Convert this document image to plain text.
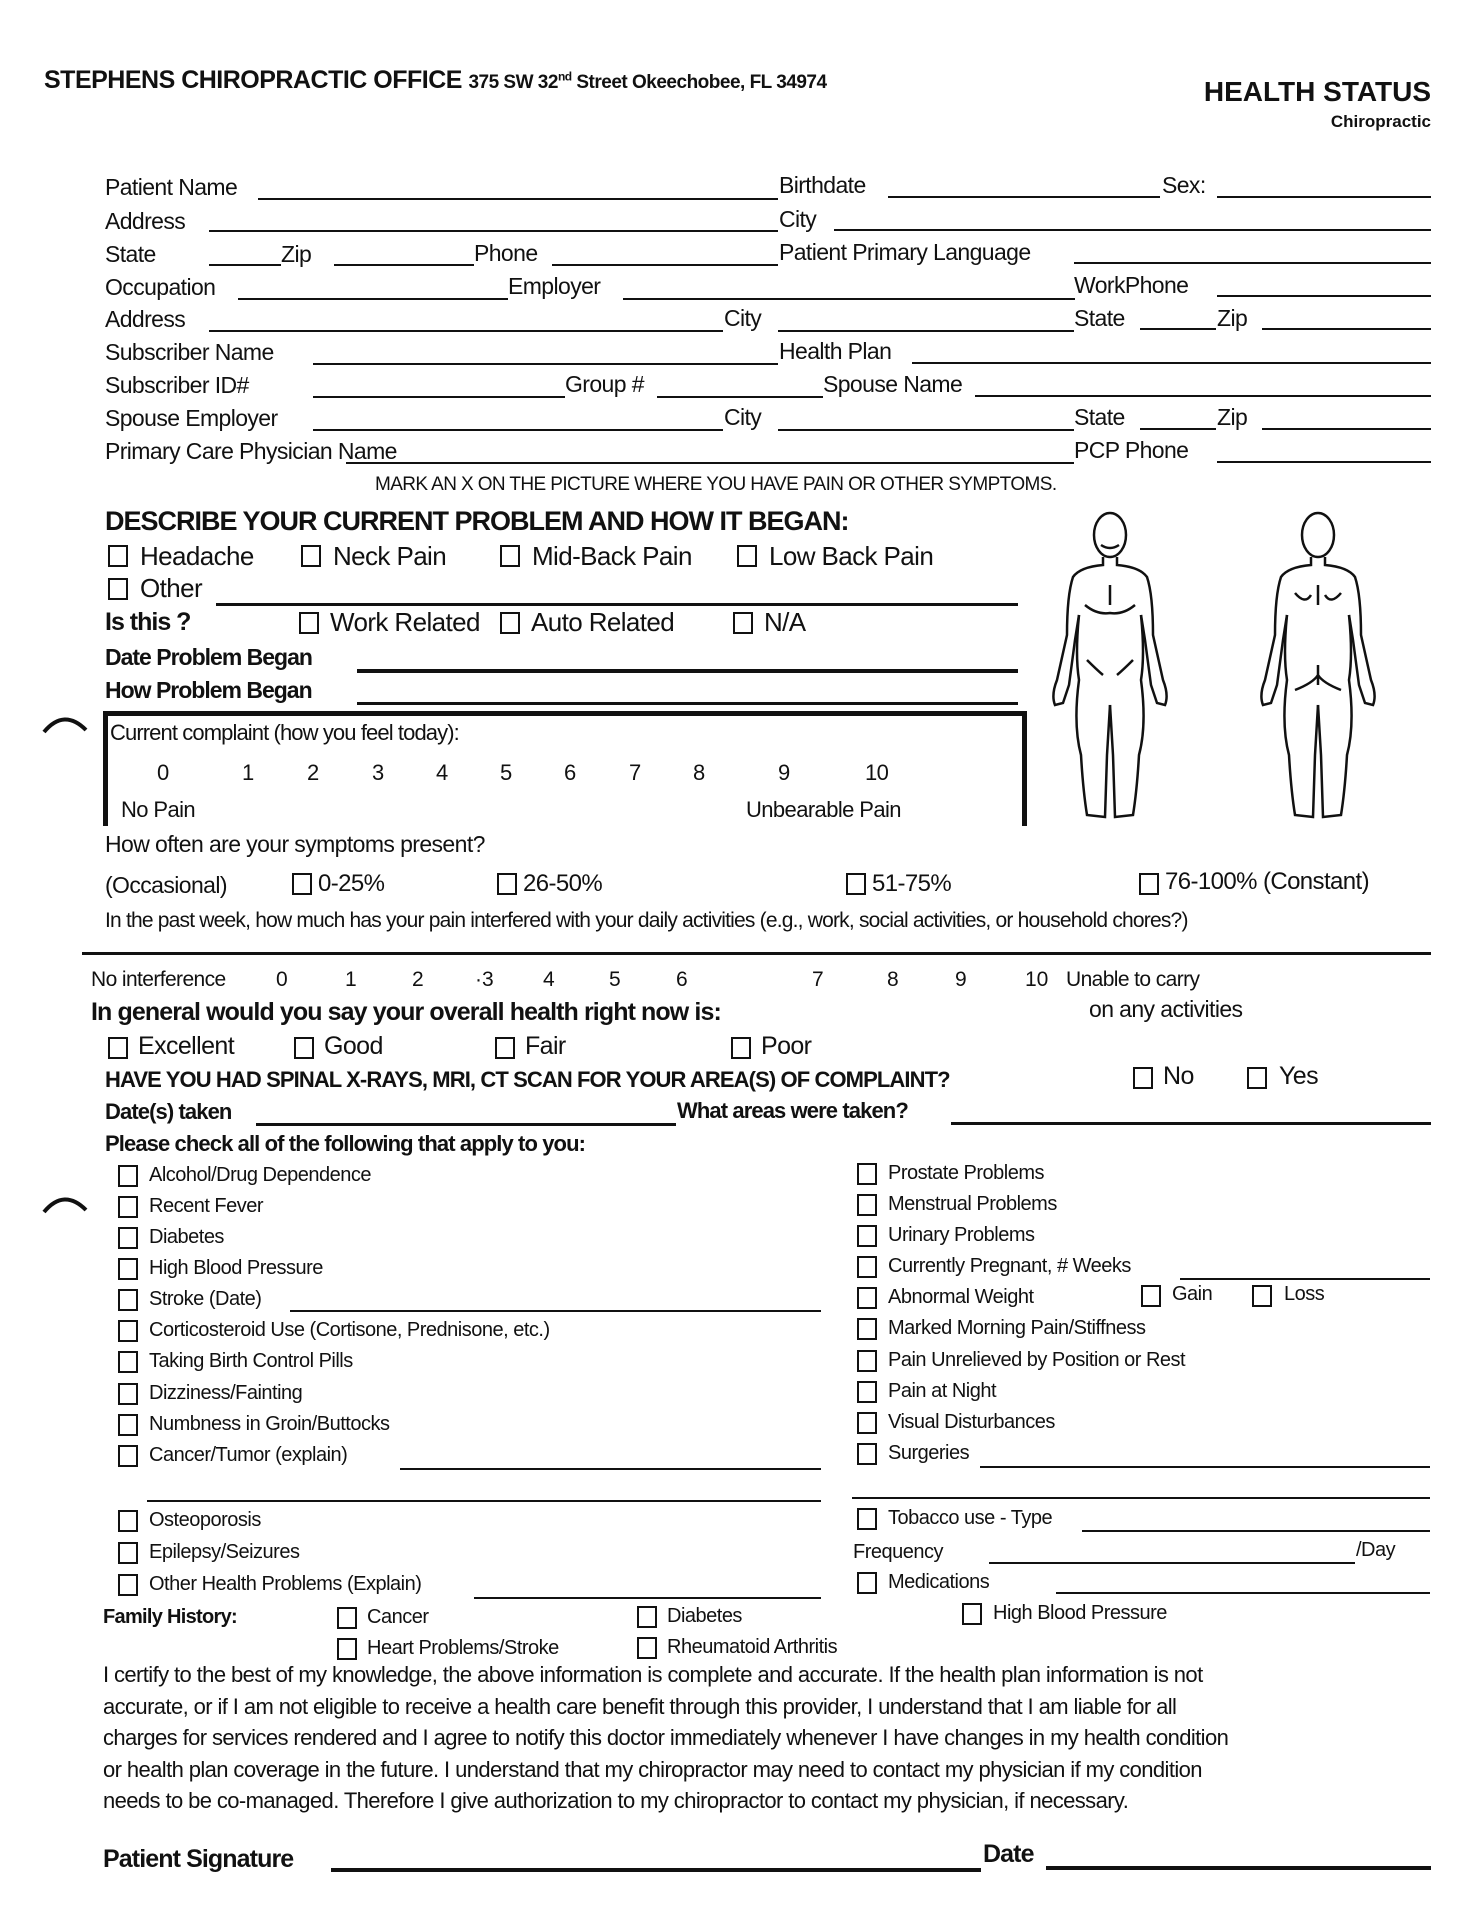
STEPHENS CHIROPRACTIC OFFICE 375 SW 32nd Street Okeechobee, FL 34974	HEALTH STATUS
Chiropractic
Patient Name	Birthdate	Sex:
Address	City
State	Zip	Phone	Patient Primary Language
Occupation	Employer	WorkPhone
Address	City	State	Zip
Subscriber Name	Health Plan
Subscriber ID#	Group #	Spouse Name
Spouse Employer	City	State	Zip
Primary Care Physician Name	PCP Phone
MARK AN X ON THE PICTURE WHERE YOU HAVE PAIN OR OTHER SYMPTOMS.
DESCRIBE YOUR CURRENT PROBLEM AND HOW IT BEGAN:
Headache	Neck Pain	Mid-Back Pain	Low Back Pain
Other
Is this ?	Work Related Auto Related	N/A
Date Problem Began
How Problem Began
Current complaint (how you feel today):
0	1 2 3 4 5 6 7 8	9	10
No Pain	Unbearable Pain
How often are your symptoms present?
(Occasional)	0-25%	26-50%	51-75%	76-100% (Constant)
In the past week, how much has your pain interfered with your daily activities (e.g., work, social activities, or household chores?)
No interference 0	1	2 ·3 4	5	6	7	8	9	10 Unable to carry
on any activities
In general would you say your overall health right now is:
Excellent	Good	Fair	Poor
HAVE YOU HAD SPINAL X-RAYS, MRI, CT SCAN FOR YOUR AREA(S) OF COMPLAINT?	No	Yes
Date(s) taken	What areas were taken?
Please check all of the following that apply to you:
Alcohol/Drug Dependence
Recent Fever
Diabetes
High Blood Pressure
Stroke (Date)
Corticosteroid Use (Cortisone, Prednisone, etc.)
Taking Birth Control Pills
Dizziness/Fainting
Numbness in Groin/Buttocks
Cancer/Tumor (explain)
Prostate Problems
Menstrual Problems
Urinary Problems
Currently Pregnant, # Weeks
Abnormal Weight
Marked Morning Pain/Stiffness
Pain Unrelieved by Position or Rest
Pain at Night
Visual Disturbances
Surgeries
Gain	Loss
Osteoporosis
Epilepsy/Seizures
Other Health Problems (Explain)
Tobacco use - Type
Frequency	/Day
Medications
Family History:	Cancer	Diabetes	High Blood Pressure
Heart Problems/Stroke	Rheumatoid Arthritis
I certify to the best of my knowledge, the above information is complete and accurate. If the health plan information is not
accurate, or if I am not eligible to receive a health care benefit through this provider, I understand that I am liable for all
charges for services rendered and I agree to notify this doctor immediately whenever I have changes in my health condition
or health plan coverage in the future. I understand that my chiropractor may need to contact my physician if my condition
needs to be co-managed. Therefore I give authorization to my chiropractor to contact my physician, if necessary.
Patient Signature	Date
